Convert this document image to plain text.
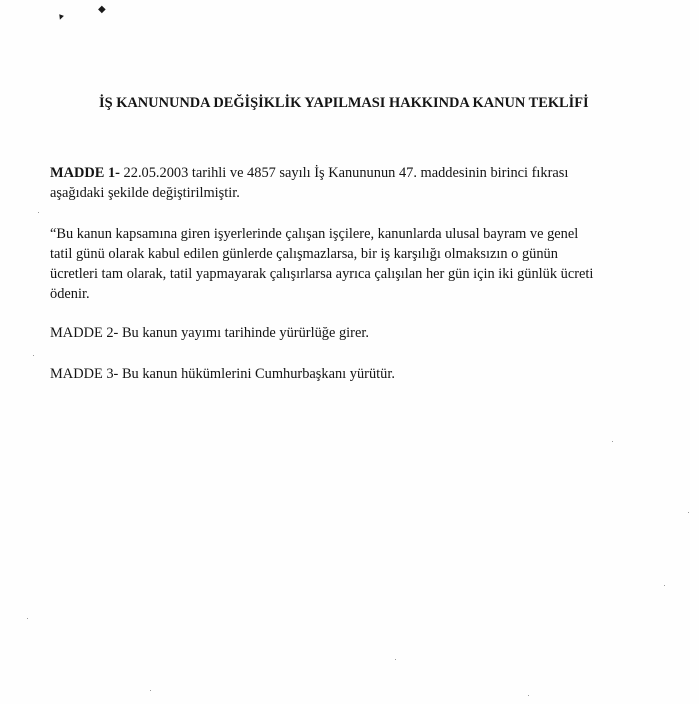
▾
◆
İŞ KANUNUNDA DEĞİŞİKLİK YAPILMASI HAKKINDA KANUN TEKLİFİ
MADDE 1- 22.05.2003 tarihli ve 4857 sayılı İş Kanununun 47. maddesinin birinci fıkrası
aşağıdaki şekilde değiştirilmiştir.
“Bu kanun kapsamına giren işyerlerinde çalışan işçilere, kanunlarda ulusal bayram ve genel
tatil günü olarak kabul edilen günlerde çalışmazlarsa, bir iş karşılığı olmaksızın o günün
ücretleri tam olarak, tatil yapmayarak çalışırlarsa ayrıca çalışılan her gün için iki günlük ücreti
ödenir.
MADDE 2- Bu kanun yayımı tarihinde yürürlüğe girer.
MADDE 3- Bu kanun hükümlerini Cumhurbaşkanı yürütür.
